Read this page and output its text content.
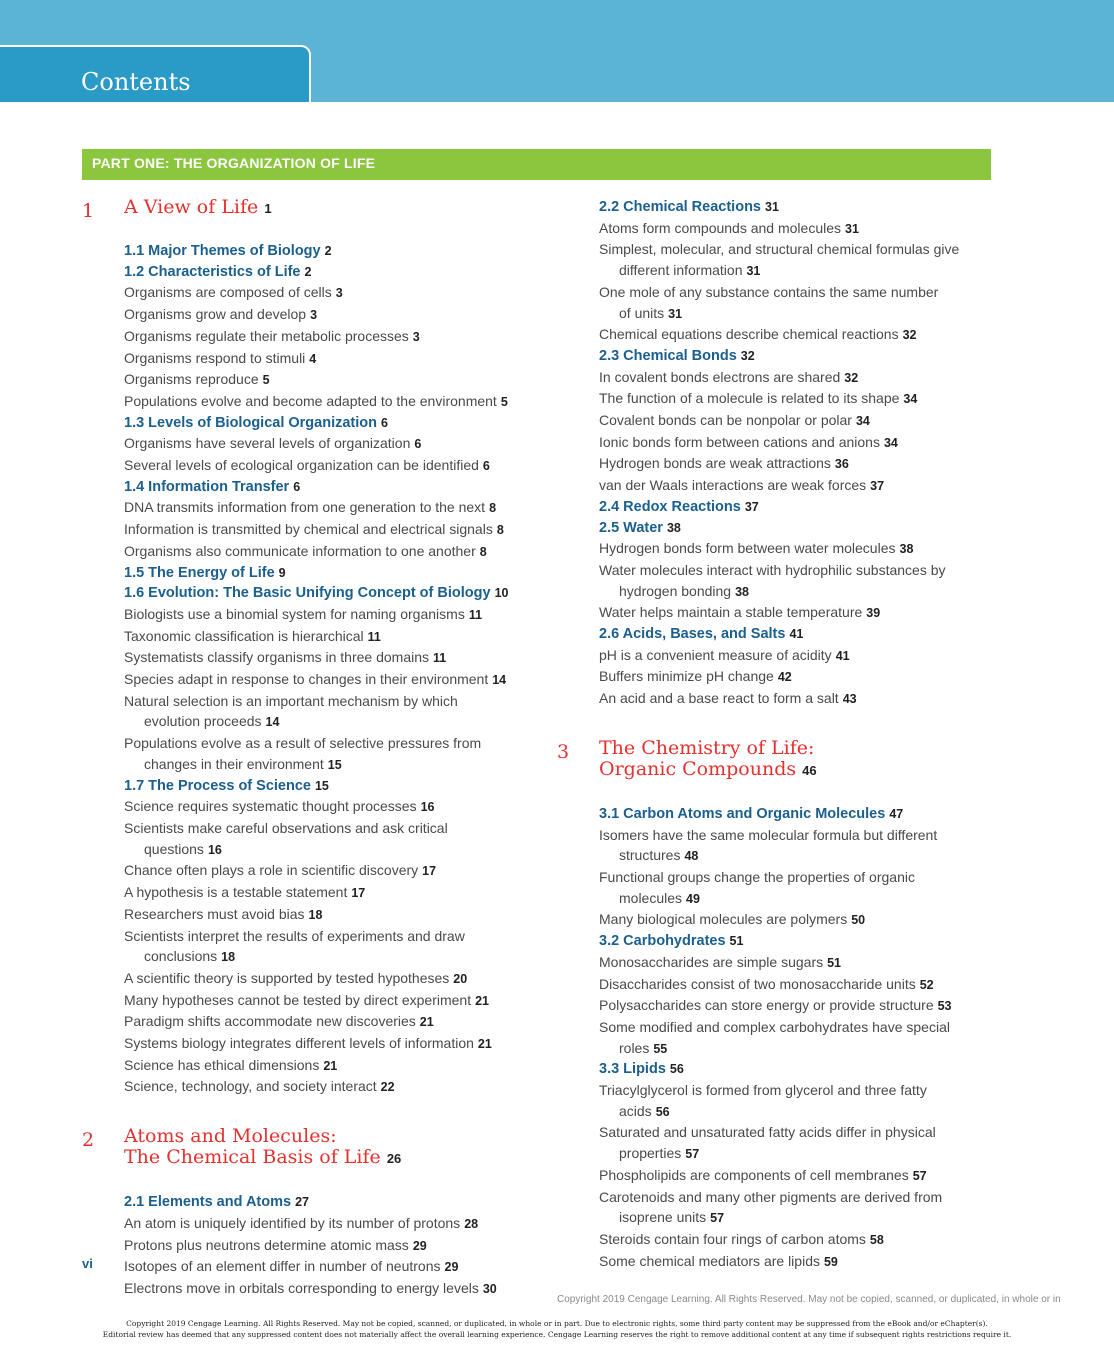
Contents
PART ONE: THE ORGANIZATION OF LIFE
1	A View of Life 1
1.1 Major Themes of Biology 2
1.2 Characteristics of Life 2
Organisms are composed of cells 3
Organisms grow and develop 3
Organisms regulate their metabolic processes 3
Organisms respond to stimuli 4
Organisms reproduce 5
Populations evolve and become adapted to the environment 5
1.3 Levels of Biological Organization 6
Organisms have several levels of organization 6
Several levels of ecological organization can be identified 6
1.4 Information Transfer 6
DNA transmits information from one generation to the next 8
Information is transmitted by chemical and electrical signals 8
Organisms also communicate information to one another 8
1.5 The Energy of Life 9
1.6 Evolution: The Basic Unifying Concept of Biology 10
Biologists use a binomial system for naming organisms 11
Taxonomic classification is hierarchical 11
Systematists classify organisms in three domains 11
Species adapt in response to changes in their environment 14
Natural selection is an important mechanism by which
evolution proceeds 14
Populations evolve as a result of selective pressures from
changes in their environment 15
1.7 The Process of Science 15
Science requires systematic thought processes 16
Scientists make careful observations and ask critical
questions 16
Chance often plays a role in scientific discovery 17
A hypothesis is a testable statement 17
Researchers must avoid bias 18
Scientists interpret the results of experiments and draw
conclusions 18
A scientific theory is supported by tested hypotheses 20
Many hypotheses cannot be tested by direct experiment 21
Paradigm shifts accommodate new discoveries 21
Systems biology integrates different levels of information 21
Science has ethical dimensions 21
Science, technology, and society interact 22
2	Atoms and Molecules:
The Chemical Basis of Life 26
2.1 Elements and Atoms 27
An atom is uniquely identified by its number of protons 28
Protons plus neutrons determine atomic mass 29
Isotopes of an element differ in number of neutrons 29
Electrons move in orbitals corresponding to energy levels 30
2.2 Chemical Reactions 31
Atoms form compounds and molecules 31
Simplest, molecular, and structural chemical formulas give
different information 31
One mole of any substance contains the same number
of units 31
Chemical equations describe chemical reactions 32
2.3 Chemical Bonds 32
In covalent bonds electrons are shared 32
The function of a molecule is related to its shape 34
Covalent bonds can be nonpolar or polar 34
Ionic bonds form between cations and anions 34
Hydrogen bonds are weak attractions 36
van der Waals interactions are weak forces 37
2.4 Redox Reactions 37
2.5 Water 38
Hydrogen bonds form between water molecules 38
Water molecules interact with hydrophilic substances by
hydrogen bonding 38
Water helps maintain a stable temperature 39
2.6 Acids, Bases, and Salts 41
pH is a convenient measure of acidity 41
Buffers minimize pH change 42
An acid and a base react to form a salt 43
3	The Chemistry of Life:
Organic Compounds 46
3.1 Carbon Atoms and Organic Molecules 47
Isomers have the same molecular formula but different
structures 48
Functional groups change the properties of organic
molecules 49
Many biological molecules are polymers 50
3.2 Carbohydrates 51
Monosaccharides are simple sugars 51
Disaccharides consist of two monosaccharide units 52
Polysaccharides can store energy or provide structure 53
Some modified and complex carbohydrates have special
roles 55
3.3 Lipids 56
Triacylglycerol is formed from glycerol and three fatty
acids 56
Saturated and unsaturated fatty acids differ in physical
properties 57
Phospholipids are components of cell membranes 57
Carotenoids and many other pigments are derived from
isoprene units 57
Steroids contain four rings of carbon atoms 58
Some chemical mediators are lipids 59
vi
Copyright 2019 Cengage Learning. All Rights Reserved. May not be copied, scanned, or duplicated, in whole or in
Copyright 2019 Cengage Learning. All Rights Reserved. May not be copied, scanned, or duplicated, in whole or in part. Due to electronic rights, some third party content may be suppressed from the eBook and/or eChapter(s).
Editorial review has deemed that any suppressed content does not materially affect the overall learning experience. Cengage Learning reserves the right to remove additional content at any time if subsequent rights restrictions require it.
